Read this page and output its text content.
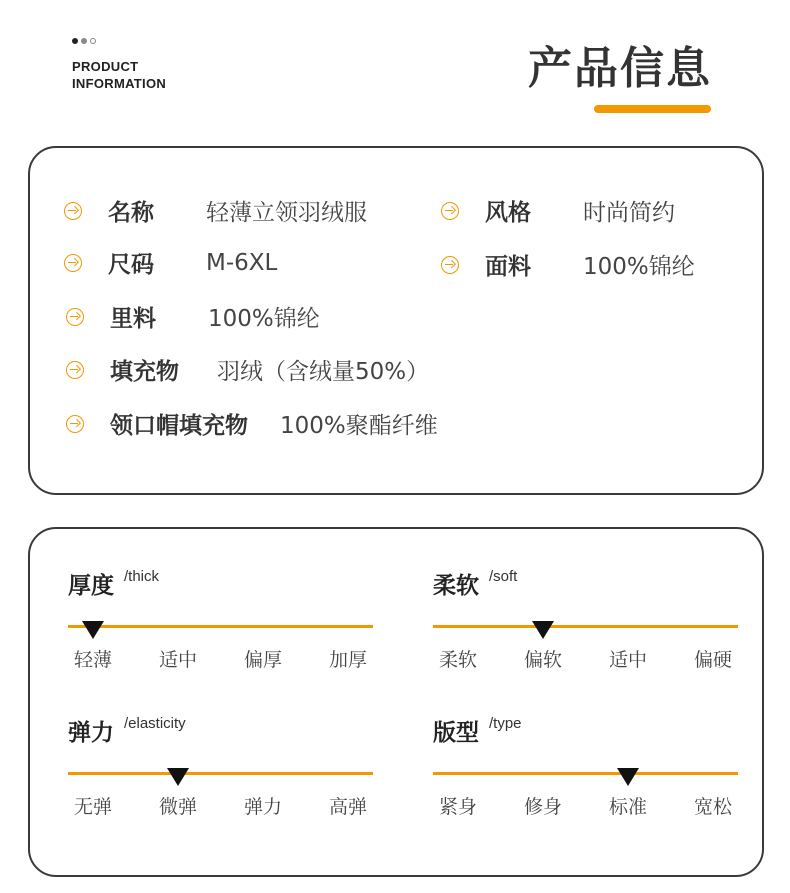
PRODUCT
INFORMATION	产品信息
名称 轻薄立领羽绒服	风格 时尚简约
尺码 M-6XL	面料 100%锦纶
里料 100%锦纶
填充物 羽绒（含绒量50%）
领口帽填充物 100%聚酯纤维
厚度 /thick
轻薄	适中	偏厚	加厚
柔软 /soft
柔软	偏软	适中	偏硬
弹力 /elasticity
无弹	微弹	弹力	高弹
版型 /type
紧身	修身	标准	宽松
